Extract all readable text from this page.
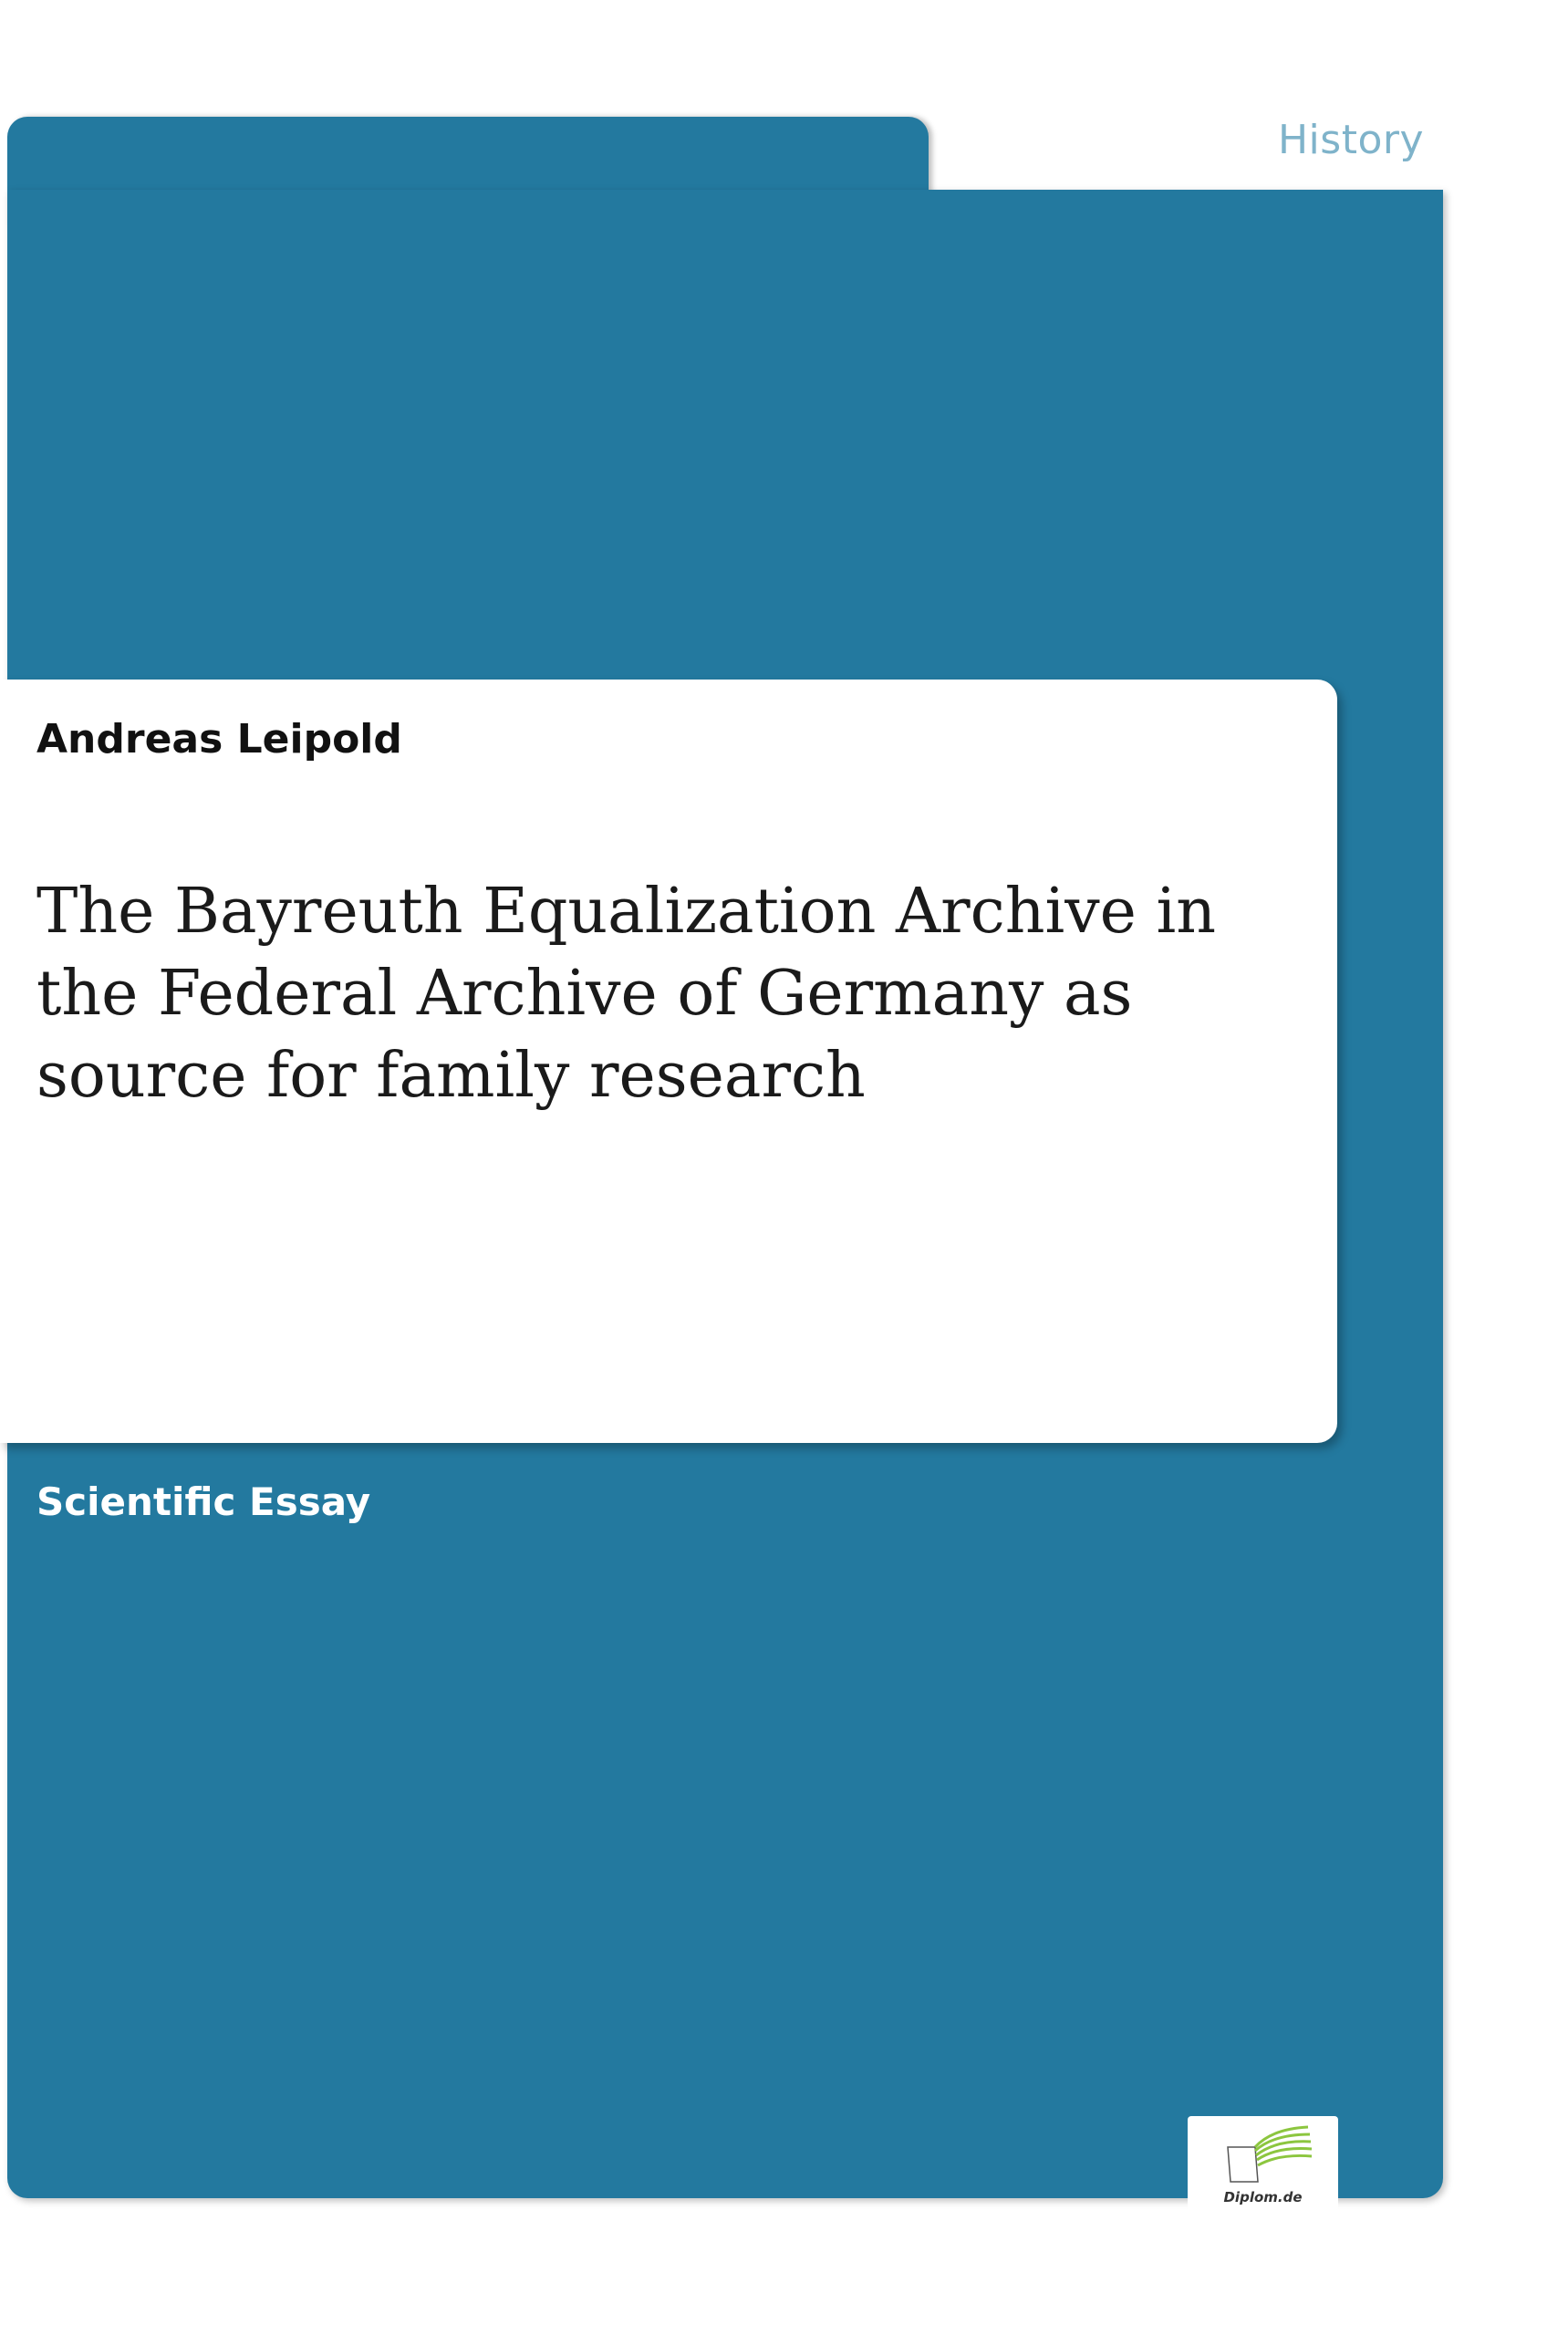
History
Andreas Leipold
The Bayreuth Equalization Archive in the Federal Archive of Germany as source for family research
Scientific Essay
Diplom.de
